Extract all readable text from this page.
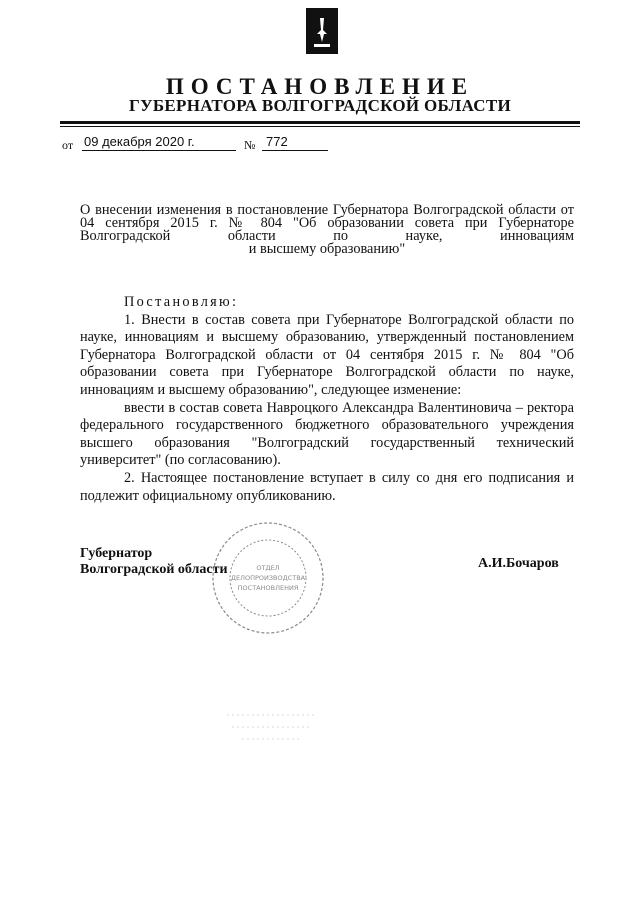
ПОСТАНОВЛЕНИЕ
ГУБЕРНАТОРА ВОЛГОГРАДСКОЙ ОБЛАСТИ
от 09 декабря 2020 г.	№ 772
О внесении изменения в постановление Губернатора Волгоградской области от 04 сентября 2015 г. № 804 "Об образовании совета при Губернаторе Волгоградской области по науке, инновациям
и высшему образованию"

Постановляю:

1. Внести в состав совета при Губернаторе Волгоградской области по науке, инновациям и высшему образованию, утвержденный постановлением Губернатора Волгоградской области от 04 сентября 2015 г. № 804 "Об образовании совета при Губернаторе Волгоградской области по науке, инновациям и высшему образованию", следующее изменение:

ввести в состав совета Навроцкого Александра Валентиновича – ректора федерального государственного бюджетного образовательного учреждения высшего образования "Волгоградский государственный технический университет" (по согласованию).

2. Настоящее постановление вступает в силу со дня его подписания и подлежит официальному опубликованию.

Губернатор
Волгоградской области	А.И.Бочаров
ОТДЕЛ
ДЕЛОПРОИЗВОДСТВА
ПОСТАНОВЛЕНИЯ
